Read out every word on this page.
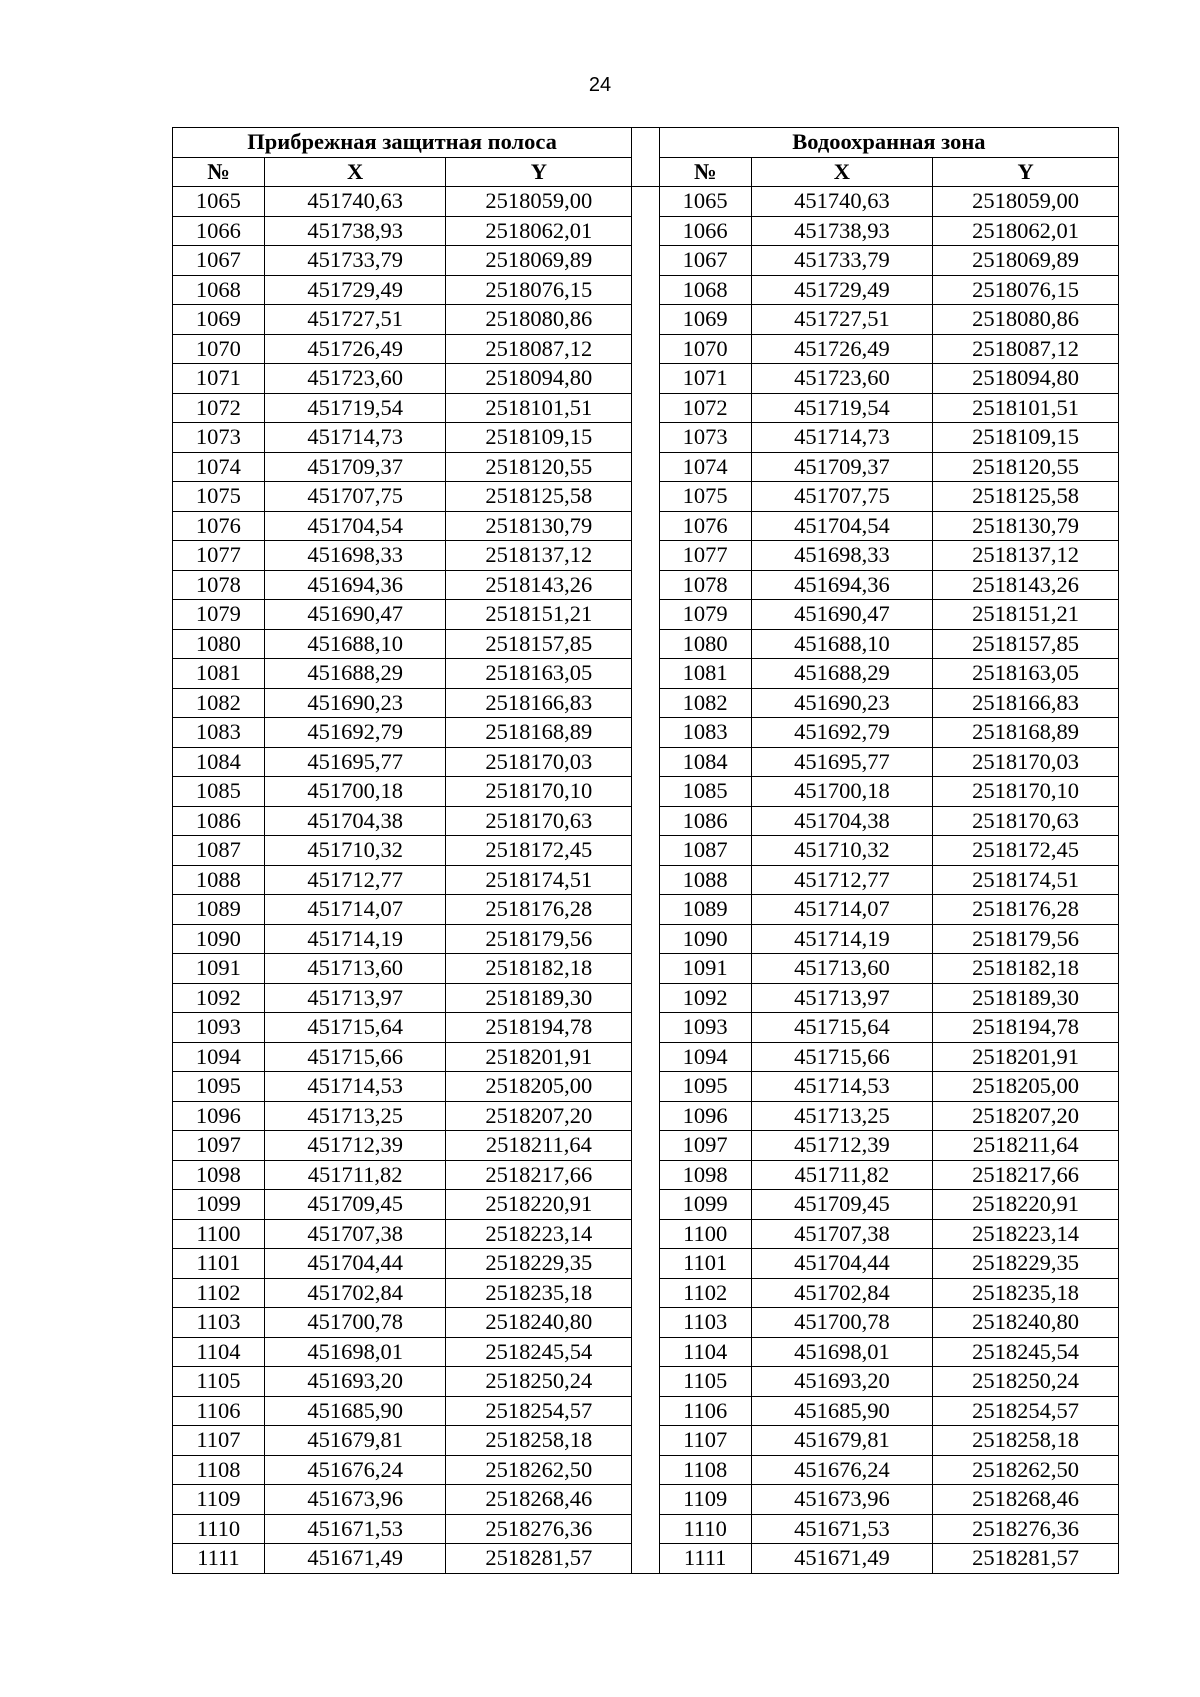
24
Прибрежная защитная полоса				Водоохранная зона		
№	X	Y		№	X	Y
1065	451740,63	2518059,00		1065	451740,63	2518059,00
1066	451738,93	2518062,01		1066	451738,93	2518062,01
1067	451733,79	2518069,89		1067	451733,79	2518069,89
1068	451729,49	2518076,15		1068	451729,49	2518076,15
1069	451727,51	2518080,86		1069	451727,51	2518080,86
1070	451726,49	2518087,12		1070	451726,49	2518087,12
1071	451723,60	2518094,80		1071	451723,60	2518094,80
1072	451719,54	2518101,51		1072	451719,54	2518101,51
1073	451714,73	2518109,15		1073	451714,73	2518109,15
1074	451709,37	2518120,55		1074	451709,37	2518120,55
1075	451707,75	2518125,58		1075	451707,75	2518125,58
1076	451704,54	2518130,79		1076	451704,54	2518130,79
1077	451698,33	2518137,12		1077	451698,33	2518137,12
1078	451694,36	2518143,26		1078	451694,36	2518143,26
1079	451690,47	2518151,21		1079	451690,47	2518151,21
1080	451688,10	2518157,85		1080	451688,10	2518157,85
1081	451688,29	2518163,05		1081	451688,29	2518163,05
1082	451690,23	2518166,83		1082	451690,23	2518166,83
1083	451692,79	2518168,89		1083	451692,79	2518168,89
1084	451695,77	2518170,03		1084	451695,77	2518170,03
1085	451700,18	2518170,10		1085	451700,18	2518170,10
1086	451704,38	2518170,63		1086	451704,38	2518170,63
1087	451710,32	2518172,45		1087	451710,32	2518172,45
1088	451712,77	2518174,51		1088	451712,77	2518174,51
1089	451714,07	2518176,28		1089	451714,07	2518176,28
1090	451714,19	2518179,56		1090	451714,19	2518179,56
1091	451713,60	2518182,18		1091	451713,60	2518182,18
1092	451713,97	2518189,30		1092	451713,97	2518189,30
1093	451715,64	2518194,78		1093	451715,64	2518194,78
1094	451715,66	2518201,91		1094	451715,66	2518201,91
1095	451714,53	2518205,00		1095	451714,53	2518205,00
1096	451713,25	2518207,20		1096	451713,25	2518207,20
1097	451712,39	2518211,64		1097	451712,39	2518211,64
1098	451711,82	2518217,66		1098	451711,82	2518217,66
1099	451709,45	2518220,91		1099	451709,45	2518220,91
1100	451707,38	2518223,14		1100	451707,38	2518223,14
1101	451704,44	2518229,35		1101	451704,44	2518229,35
1102	451702,84	2518235,18		1102	451702,84	2518235,18
1103	451700,78	2518240,80		1103	451700,78	2518240,80
1104	451698,01	2518245,54		1104	451698,01	2518245,54
1105	451693,20	2518250,24		1105	451693,20	2518250,24
1106	451685,90	2518254,57		1106	451685,90	2518254,57
1107	451679,81	2518258,18		1107	451679,81	2518258,18
1108	451676,24	2518262,50		1108	451676,24	2518262,50
1109	451673,96	2518268,46		1109	451673,96	2518268,46
1110	451671,53	2518276,36		1110	451671,53	2518276,36
1111	451671,49	2518281,57		1111	451671,49	2518281,57
